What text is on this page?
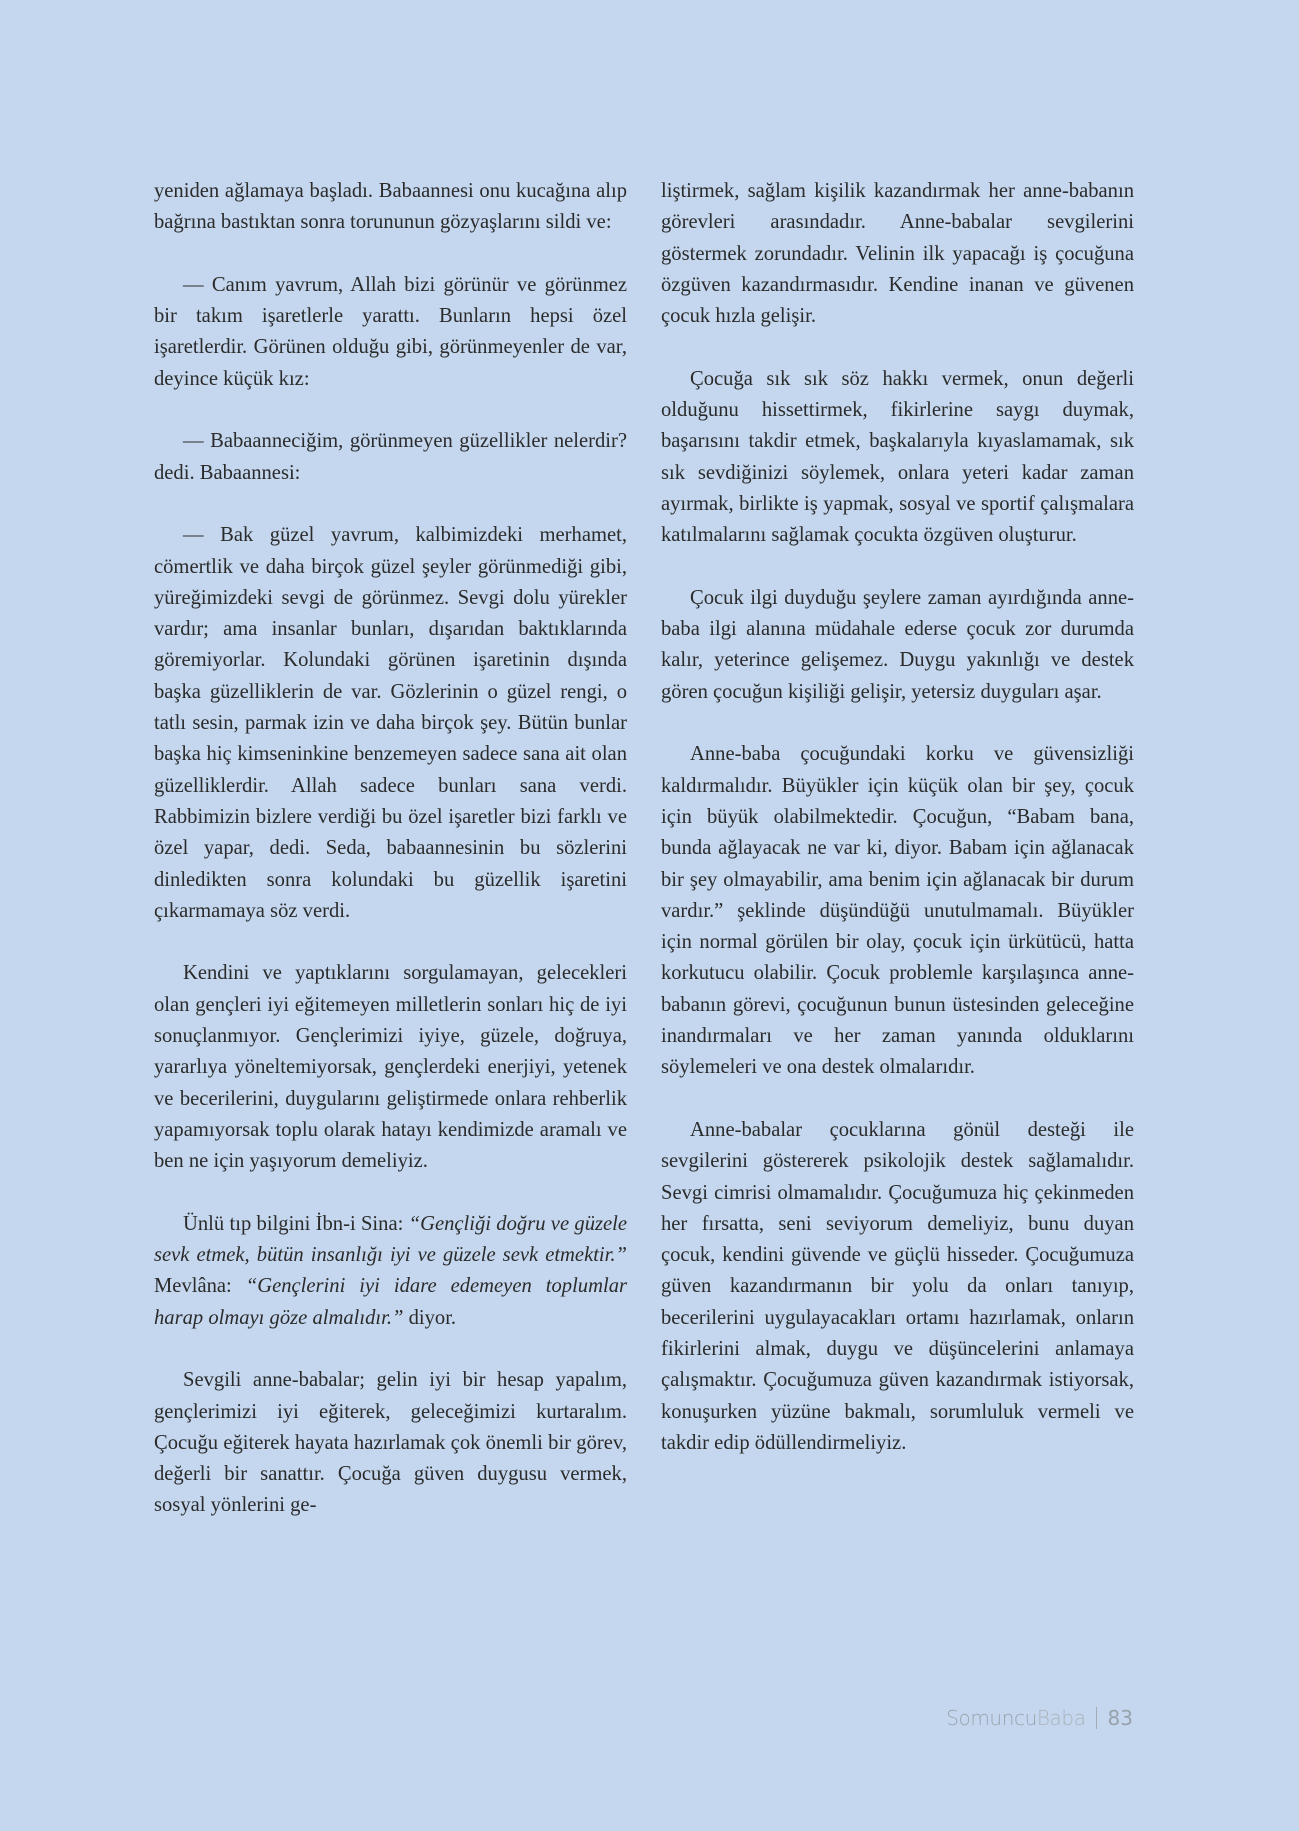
yeniden ağlamaya başladı. Babaannesi onu kucağına alıp bağrına bastıktan sonra torununun gözyaşlarını sildi ve:

— Canım yavrum, Allah bizi görünür ve görünmez bir takım işaretlerle yarattı. Bunların hepsi özel işaretlerdir. Görünen olduğu gibi, görünmeyenler de var, deyince küçük kız:

— Babaanneciğim, görünmeyen güzellikler nelerdir? dedi. Babaannesi:

— Bak güzel yavrum, kalbimizdeki merhamet, cömertlik ve daha birçok güzel şeyler görünmediği gibi, yüreğimizdeki sevgi de görünmez. Sevgi dolu yürekler vardır; ama insanlar bunları, dışarıdan baktıklarında göremiyorlar. Kolundaki görünen işaretinin dışında başka güzelliklerin de var. Gözlerinin o güzel rengi, o tatlı sesin, parmak izin ve daha birçok şey. Bütün bunlar başka hiç kimseninkine benzemeyen sadece sana ait olan güzelliklerdir. Allah sadece bunları sana verdi. Rabbimizin bizlere verdiği bu özel işaretler bizi farklı ve özel yapar, dedi. Seda, babaannesinin bu sözlerini dinledikten sonra kolundaki bu güzellik işaretini çıkarmamaya söz verdi.

Kendini ve yaptıklarını sorgulamayan, gelecekleri olan gençleri iyi eğitemeyen milletlerin sonları hiç de iyi sonuçlanmıyor. Gençlerimizi iyiye, güzele, doğruya, yararlıya yöneltemiyorsak, gençlerdeki enerjiyi, yetenek ve becerilerini, duygularını geliştirmede onlara rehberlik yapamıyorsak toplu olarak hatayı kendimizde aramalı ve ben ne için yaşıyorum demeliyiz.

Ünlü tıp bilgini İbn-i Sina: “Gençliği doğru ve güzele sevk etmek, bütün insanlığı iyi ve güzele sevk etmektir.” Mevlâna: “Gençlerini iyi idare edemeyen toplumlar harap olmayı göze almalıdır.” diyor.

Sevgili anne-babalar; gelin iyi bir hesap yapalım, gençlerimizi iyi eğiterek, geleceğimizi kurtaralım. Çocuğu eğiterek hayata hazırlamak çok önemli bir görev, değerli bir sanattır. Çocuğa güven duygusu vermek, sosyal yönlerini ge-

liştirmek, sağlam kişilik kazandırmak her anne-babanın görevleri arasındadır. Anne-babalar sevgilerini göstermek zorundadır. Velinin ilk yapacağı iş çocuğuna özgüven kazandırmasıdır. Kendine inanan ve güvenen çocuk hızla gelişir.

Çocuğa sık sık söz hakkı vermek, onun değerli olduğunu hissettirmek, fikirlerine saygı duymak, başarısını takdir etmek, başkalarıyla kıyaslamamak, sık sık sevdiğinizi söylemek, onlara yeteri kadar zaman ayırmak, birlikte iş yapmak, sosyal ve sportif çalışmalara katılmalarını sağlamak çocukta özgüven oluşturur.

Çocuk ilgi duyduğu şeylere zaman ayırdığında anne-baba ilgi alanına müdahale ederse çocuk zor durumda kalır, yeterince gelişemez. Duygu yakınlığı ve destek gören çocuğun kişiliği gelişir, yetersiz duyguları aşar.

Anne-baba çocuğundaki korku ve güvensizliği kaldırmalıdır. Büyükler için küçük olan bir şey, çocuk için büyük olabilmektedir. Çocuğun, “Babam bana, bunda ağlayacak ne var ki, diyor. Babam için ağlanacak bir şey olmayabilir, ama benim için ağlanacak bir durum vardır.” şeklinde düşündüğü unutulmamalı. Büyükler için normal görülen bir olay, çocuk için ürkütücü, hatta korkutucu olabilir. Çocuk problemle karşılaşınca anne-babanın görevi, çocuğunun bunun üstesinden geleceğine inandırmaları ve her zaman yanında olduklarını söylemeleri ve ona destek olmalarıdır.

Anne-babalar çocuklarına gönül desteği ile sevgilerini göstererek psikolojik destek sağlamalıdır. Sevgi cimrisi olmamalıdır. Çocuğumuza hiç çekinmeden her fırsatta, seni seviyorum demeliyiz, bunu duyan çocuk, kendini güvende ve güçlü hisseder. Çocuğumuza güven kazandırmanın bir yolu da onları tanıyıp, becerilerini uygulayacakları ortamı hazırlamak, onların fikirlerini almak, duygu ve düşüncelerini anlamaya çalışmaktır. Çocuğumuza güven kazandırmak istiyorsak, konuşurken yüzüne bakmalı, sorumluluk vermeli ve takdir edip ödüllendirmeliyiz.

Somuncu Baba 83
